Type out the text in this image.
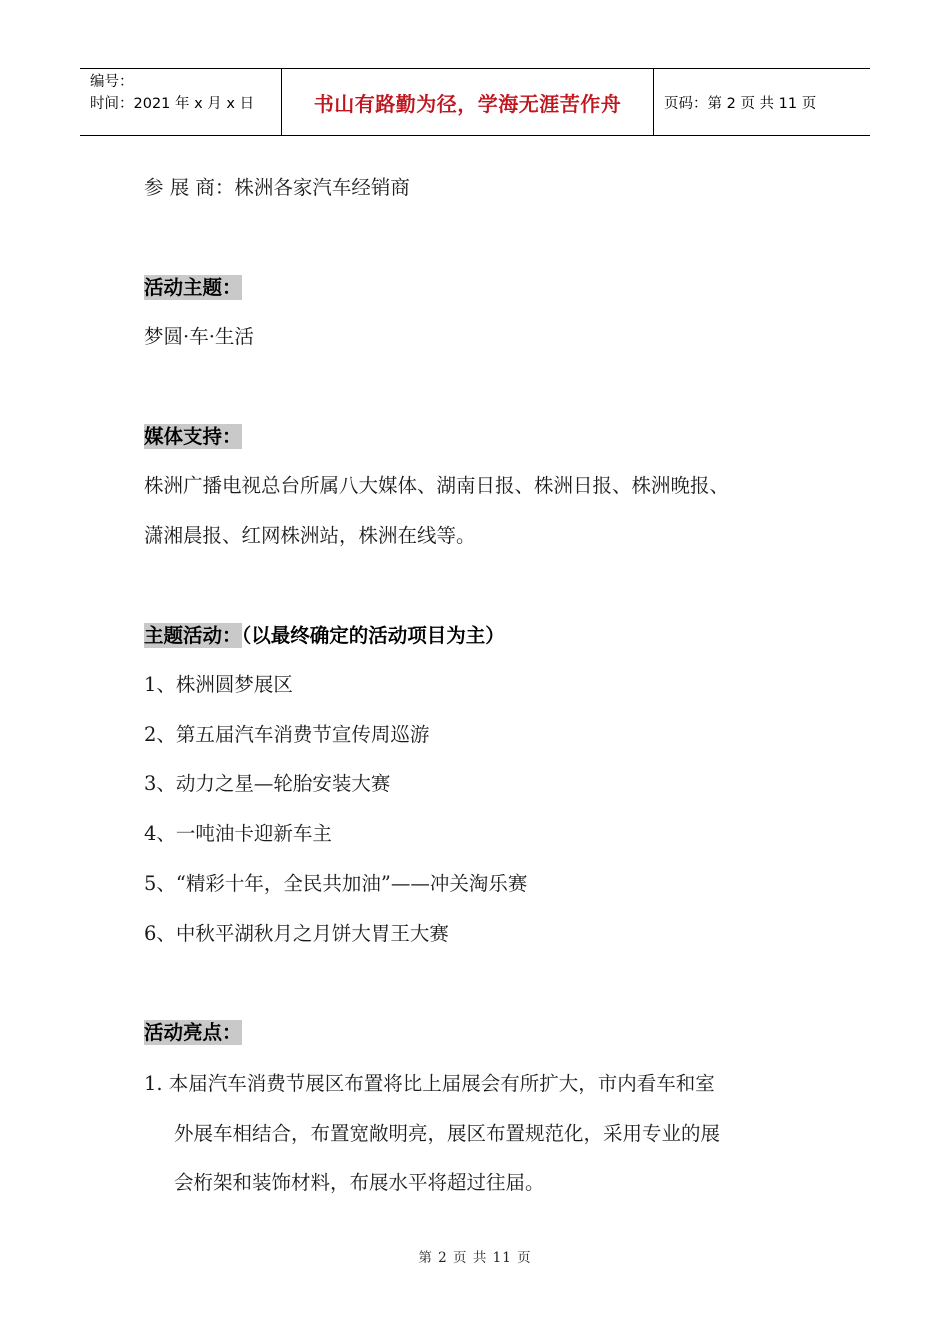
编号：
时间：2021 年 x 月 x 日	书山有路勤为径，学海无涯苦作舟	页码：第 2 页 共 11 页
参 展 商：株洲各家汽车经销商
活动主题：
梦圆·车·生活
媒体支持：
株洲广播电视总台所属八大媒体、湖南日报、株洲日报、株洲晚报、
潇湘晨报、红网株洲站，株洲在线等。
主题活动：（以最终确定的活动项目为主）
1、株洲圆梦展区
2、第五届汽车消费节宣传周巡游
3、动力之星—轮胎安装大赛
4、一吨油卡迎新车主
5、“精彩十年，全民共加油”——冲关淘乐赛
6、中秋平湖秋月之月饼大胃王大赛
活动亮点：
1. 本届汽车消费节展区布置将比上届展会有所扩大，市内看车和室
外展车相结合，布置宽敞明亮，展区布置规范化，采用专业的展
会桁架和装饰材料，布展水平将超过往届。
第 2 页 共 11 页
